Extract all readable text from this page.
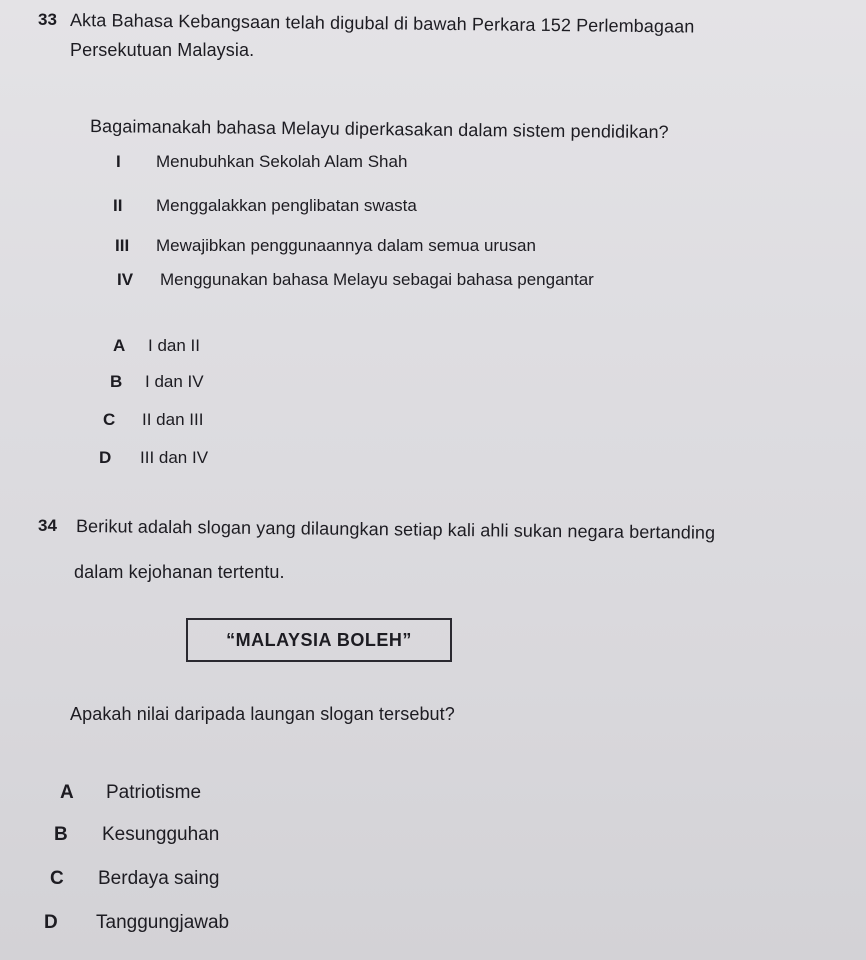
33 Akta Bahasa Kebangsaan telah digubal di bawah Perkara 152 Perlembagaan
Persekutuan Malaysia.
Bagaimanakah bahasa Melayu diperkasakan dalam sistem pendidikan?
I	Menubuhkan Sekolah Alam Shah
II	Menggalakkan penglibatan swasta
III	Mewajibkan penggunaannya dalam semua urusan
IV	Menggunakan bahasa Melayu sebagai bahasa pengantar
A I dan II
B I dan IV
C II dan III
D III dan IV
34 Berikut adalah slogan yang dilaungkan setiap kali ahli sukan negara bertanding
dalam kejohanan tertentu.
“MALAYSIA BOLEH”
Apakah nilai daripada laungan slogan tersebut?
A Patriotisme
B Kesungguhan
C Berdaya saing
D Tanggungjawab
